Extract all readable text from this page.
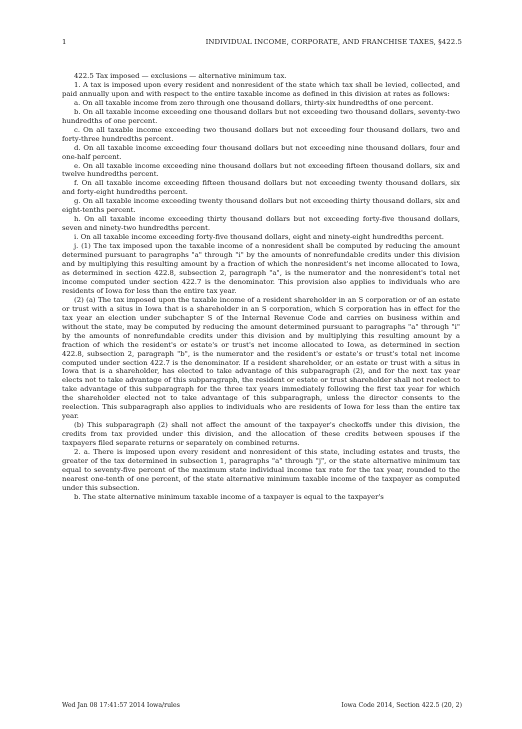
1	INDIVIDUAL INCOME, CORPORATE, AND FRANCHISE TAXES, §422.5

422.5 Tax imposed — exclusions — alternative minimum tax.

1. A tax is imposed upon every resident and nonresident of the state which tax shall be levied, collected, and paid annually upon and with respect to the entire taxable income as defined in this division at rates as follows:

a. On all taxable income from zero through one thousand dollars, thirty-six hundredths of one percent.

b. On all taxable income exceeding one thousand dollars but not exceeding two thousand dollars, seventy-two hundredths of one percent.

c. On all taxable income exceeding two thousand dollars but not exceeding four thousand dollars, two and forty-three hundredths percent.

d. On all taxable income exceeding four thousand dollars but not exceeding nine thousand dollars, four and one-half percent.

e. On all taxable income exceeding nine thousand dollars but not exceeding fifteen thousand dollars, six and twelve hundredths percent.

f. On all taxable income exceeding fifteen thousand dollars but not exceeding twenty thousand dollars, six and forty-eight hundredths percent.

g. On all taxable income exceeding twenty thousand dollars but not exceeding thirty thousand dollars, six and eight-tenths percent.

h. On all taxable income exceeding thirty thousand dollars but not exceeding forty-five thousand dollars, seven and ninety-two hundredths percent.

i. On all taxable income exceeding forty-five thousand dollars, eight and ninety-eight hundredths percent.

j. (1) The tax imposed upon the taxable income of a nonresident shall be computed by reducing the amount determined pursuant to paragraphs "a" through "i" by the amounts of nonrefundable credits under this division and by multiplying this resulting amount by a fraction of which the nonresident's net income allocated to Iowa, as determined in section 422.8, subsection 2, paragraph "a", is the numerator and the nonresident's total net income computed under section 422.7 is the denominator. This provision also applies to individuals who are residents of Iowa for less than the entire tax year.

(2) (a) The tax imposed upon the taxable income of a resident shareholder in an S corporation or of an estate or trust with a situs in Iowa that is a shareholder in an S corporation, which S corporation has in effect for the tax year an election under subchapter S of the Internal Revenue Code and carries on business within and without the state, may be computed by reducing the amount determined pursuant to paragraphs "a" through "i" by the amounts of nonrefundable credits under this division and by multiplying this resulting amount by a fraction of which the resident's or estate's or trust's net income allocated to Iowa, as determined in section 422.8, subsection 2, paragraph "b", is the numerator and the resident's or estate's or trust's total net income computed under section 422.7 is the denominator. If a resident shareholder, or an estate or trust with a situs in Iowa that is a shareholder, has elected to take advantage of this subparagraph (2), and for the next tax year elects not to take advantage of this subparagraph, the resident or estate or trust shareholder shall not reelect to take advantage of this subparagraph for the three tax years immediately following the first tax year for which the shareholder elected not to take advantage of this subparagraph, unless the director consents to the reelection. This subparagraph also applies to individuals who are residents of Iowa for less than the entire tax year.

(b) This subparagraph (2) shall not affect the amount of the taxpayer's checkoffs under this division, the credits from tax provided under this division, and the allocation of these credits between spouses if the taxpayers filed separate returns or separately on combined returns.

2. a. There is imposed upon every resident and nonresident of this state, including estates and trusts, the greater of the tax determined in subsection 1, paragraphs "a" through "j", or the state alternative minimum tax equal to seventy-five percent of the maximum state individual income tax rate for the tax year, rounded to the nearest one-tenth of one percent, of the state alternative minimum taxable income of the taxpayer as computed under this subsection.

b. The state alternative minimum taxable income of a taxpayer is equal to the taxpayer's

Wed Jan 08 17:41:57 2014 Iowa/rules	Iowa Code 2014, Section 422.5 (20, 2)
